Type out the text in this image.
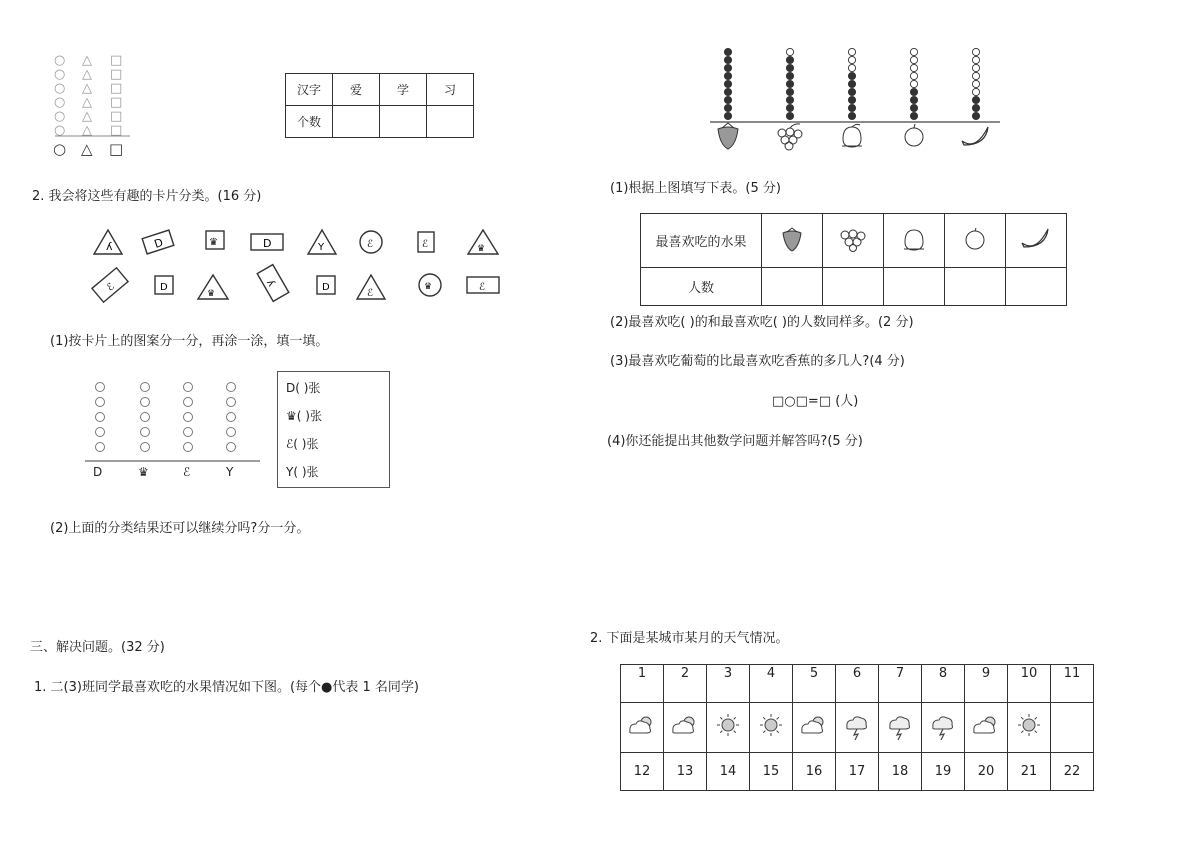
○
○
○
○
○
○
○
△
△
△
△
△
△
△
□
□
□
□
□
□
□
汉字	爱	学	习
个数			
2. 我会将这些有趣的卡片分类。(16 分)
ʎ	D	♛	D	Υ	ℰ	ℰ	♛
ℰ	D
♛
ʎ	D
ℰ
♛	ℰ
(1)按卡片上的图案分一分，再涂一涂，填一填。
D	♛	ℰ	Υ
D( )张
♛( )张
ℰ( )张
Υ( )张
(2)上面的分类结果还可以继续分吗?分一分。
三、解决问题。(32 分)
1. 二(3)班同学最喜欢吃的水果情况如下图。(每个●代表 1 名同学)
(1)根据上图填写下表。(5 分)
最喜欢吃的水果					
人数					
(2)最喜欢吃( )的和最喜欢吃( )的人数同样多。(2 分)
(3)最喜欢吃葡萄的比最喜欢吃香蕉的多几人?(4 分)
□○□=□ (人)
(4)你还能提出其他数学问题并解答吗?(5 分)
2. 下面是某城市某月的天气情况。
1	2	3	4	5	6	7	8	9	10	11

12	13	14	15	16	17	18	19	20	21	22
